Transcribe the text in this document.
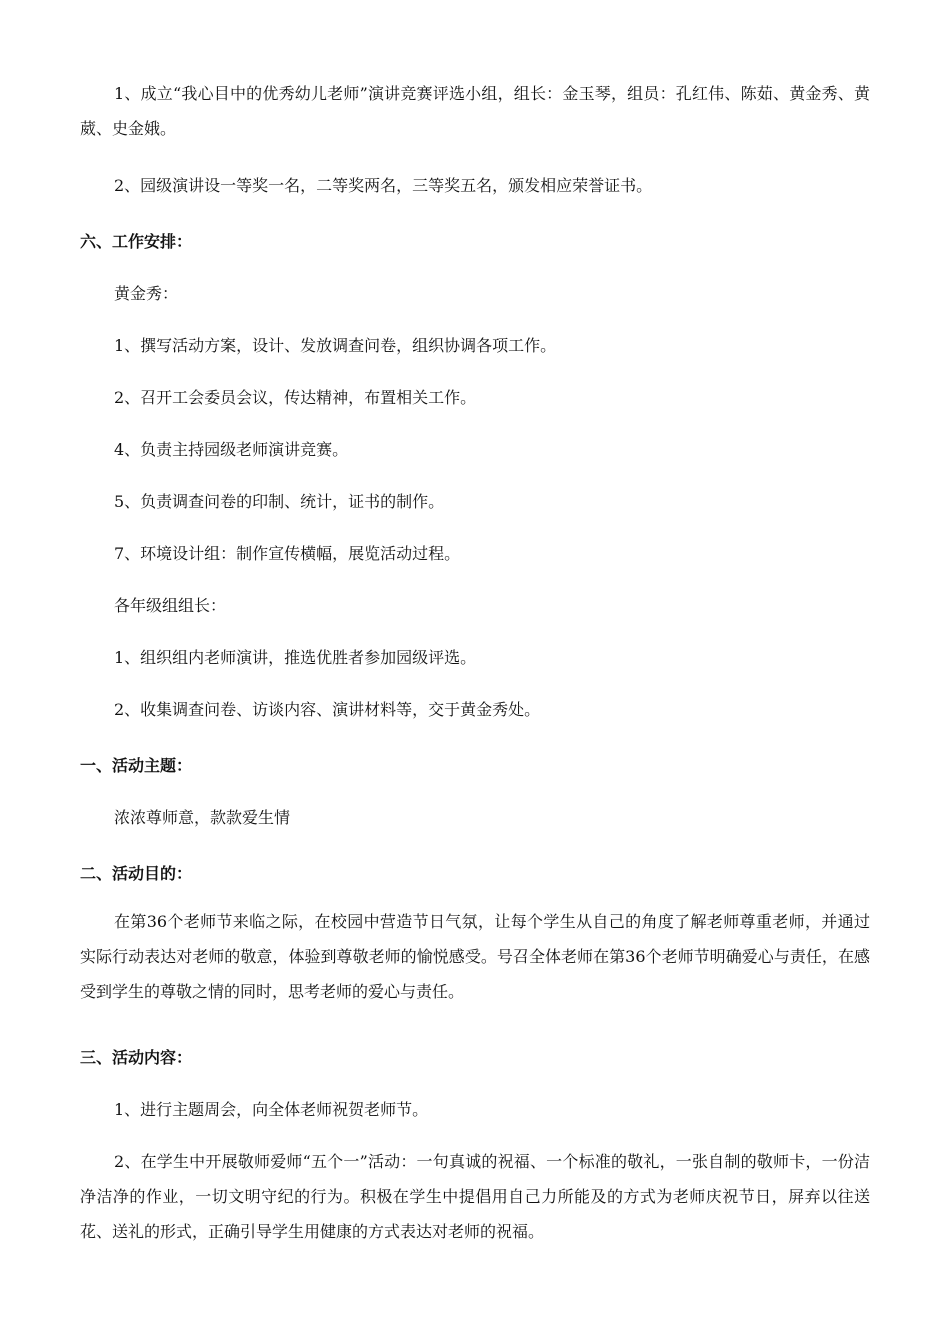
1、成立“我心目中的优秀幼儿老师”演讲竞赛评选小组，组长：金玉琴，组员：孔红伟、陈茹、黄金秀、黄葳、史金娥。

2、园级演讲设一等奖一名，二等奖两名，三等奖五名，颁发相应荣誉证书。

六、工作安排：

黄金秀：

1、撰写活动方案，设计、发放调查问卷，组织协调各项工作。

2、召开工会委员会议，传达精神，布置相关工作。

4、负责主持园级老师演讲竞赛。

5、负责调查问卷的印制、统计，证书的制作。

7、环境设计组：制作宣传横幅，展览活动过程。

各年级组组长：

1、组织组内老师演讲，推选优胜者参加园级评选。

2、收集调查问卷、访谈内容、演讲材料等，交于黄金秀处。

一、活动主题：

浓浓尊师意，款款爱生情

二、活动目的：

在第36个老师节来临之际，在校园中营造节日气氛，让每个学生从自己的角度了解老师尊重老师，并通过实际行动表达对老师的敬意，体验到尊敬老师的愉悦感受。号召全体老师在第36个老师节明确爱心与责任，在感受到学生的尊敬之情的同时，思考老师的爱心与责任。

三、活动内容：

1、进行主题周会，向全体老师祝贺老师节。

2、在学生中开展敬师爱师“五个一”活动：一句真诚的祝福、一个标准的敬礼，一张自制的敬师卡，一份洁净洁净的作业，一切文明守纪的行为。积极在学生中提倡用自己力所能及的方式为老师庆祝节日，屏弃以往送花、送礼的形式，正确引导学生用健康的方式表达对老师的祝福。
